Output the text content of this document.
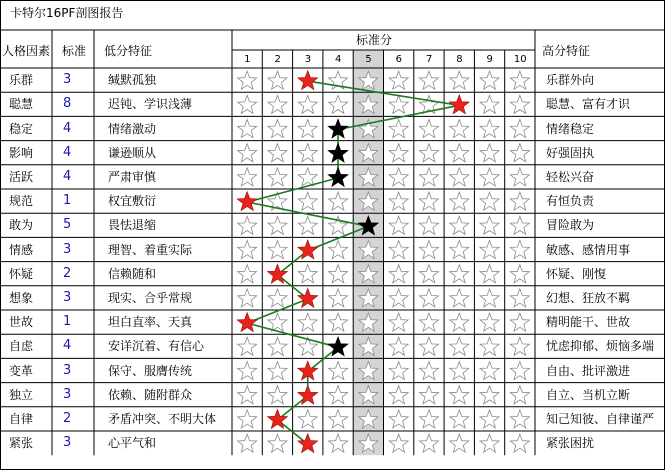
卡特尔16PF剖图报告
人格因素 标准 低分特征
标准分
高分特征
1 2 3 4 5 6 7 8 9 10
乐群 3	缄默孤独	乐群外向
聪慧 8	迟钝、学识浅薄	聪慧、富有才识
稳定 4	情绪激动	情绪稳定
影响 4	谦逊顺从	好强固执
活跃 4	严肃审慎	轻松兴奋
规范 1	权宜敷衍	有恒负责
敢为 5	畏怯退缩	冒险敢为
情感 3	理智、着重实际	敏感、感情用事
怀疑 2	信赖随和	怀疑、刚愎
想象 3	现实、合乎常规	幻想、狂放不羁
世故 1	坦白直率、天真	精明能干、世故
自虑 4	安详沉着、有信心	忧虑抑郁、烦恼多端
变革 3	保守、服膺传统	自由、批评激进
独立 3	依赖、随附群众	自立、当机立断
自律 2	矛盾冲突、不明大体	知己知彼、自律谨严
紧张 3	心平气和	紧张困扰
